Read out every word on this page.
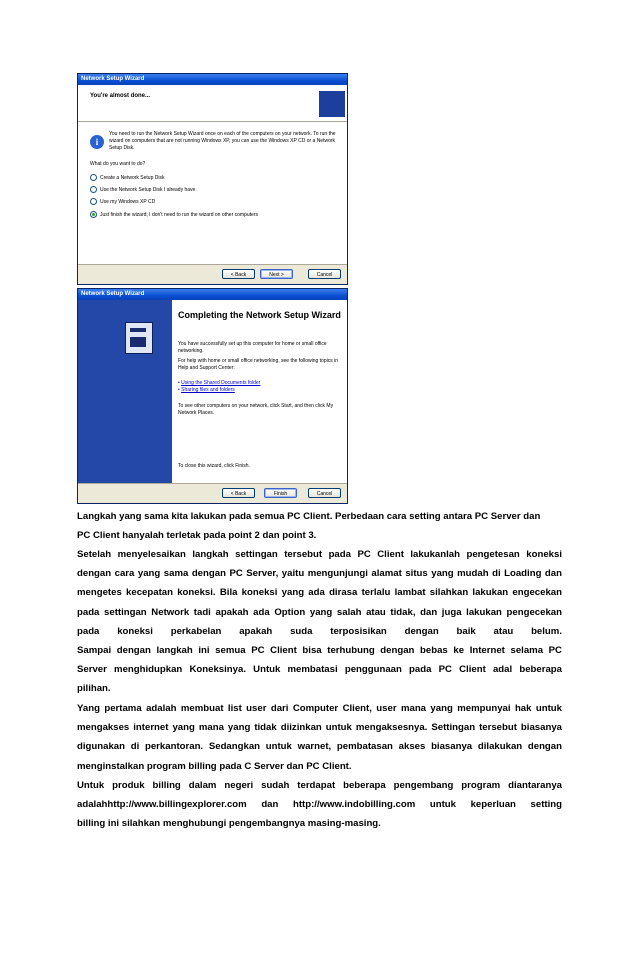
Network Setup Wizard
You're almost done...
i
You need to run the Network Setup Wizard once on each of the computers on your network. To run the wizard on computers that are not running Windows XP, you can use the Windows XP CD or a Network Setup Disk.
What do you want to do?
Create a Network Setup Disk
Use the Network Setup Disk I already have
Use my Windows XP CD
Just finish the wizard; I don't need to run the wizard on other computers
< Back	Next >	Cancel
Network Setup Wizard
Completing the Network Setup Wizard
You have successfully set up this computer for home or small office networking.
For help with home or small office networking, see the following topics in Help and Support Center:
• Using the Shared Documents folder
• Sharing files and folders
To see other computers on your network, click Start, and then click My Network Places.
To close this wizard, click Finish.
< Back	Finish	Cancel
Langkah yang sama kita lakukan pada semua PC Client. Perbedaan cara setting antara PC Server dan
PC Client hanyalah terletak pada point 2 dan point 3.
Setelah menyelesaikan langkah settingan tersebut pada PC Client lakukanlah pengetesan koneksi
dengan cara yang sama dengan PC Server, yaitu mengunjungi alamat situs yang mudah di Loading dan
mengetes kecepatan koneksi. Bila koneksi yang ada dirasa terlalu lambat silahkan lakukan engecekan
pada settingan Network tadi apakah ada Option yang salah atau tidak, dan juga lakukan pengecekan
pada koneksi perkabelan apakah suda terposisikan dengan baik atau belum.
Sampai dengan langkah ini semua PC Client bisa terhubung dengan bebas ke Internet selama PC
Server menghidupkan Koneksinya. Untuk membatasi penggunaan pada PC Client adal beberapa
pilihan.
Yang pertama adalah membuat list user dari Computer Client, user mana yang mempunyai hak untuk
mengakses internet yang mana yang tidak diizinkan untuk mengaksesnya. Settingan tersebut biasanya
digunakan di perkantoran. Sedangkan untuk warnet, pembatasan akses biasanya dilakukan dengan
menginstalkan program billing pada C Server dan PC Client.
Untuk produk billing dalam negeri sudah terdapat beberapa pengembang program diantaranya
adalahhttp://www.billingexplorer.com dan http://www.indobilling.com untuk keperluan setting
billing ini silahkan menghubungi pengembangnya masing-masing.
